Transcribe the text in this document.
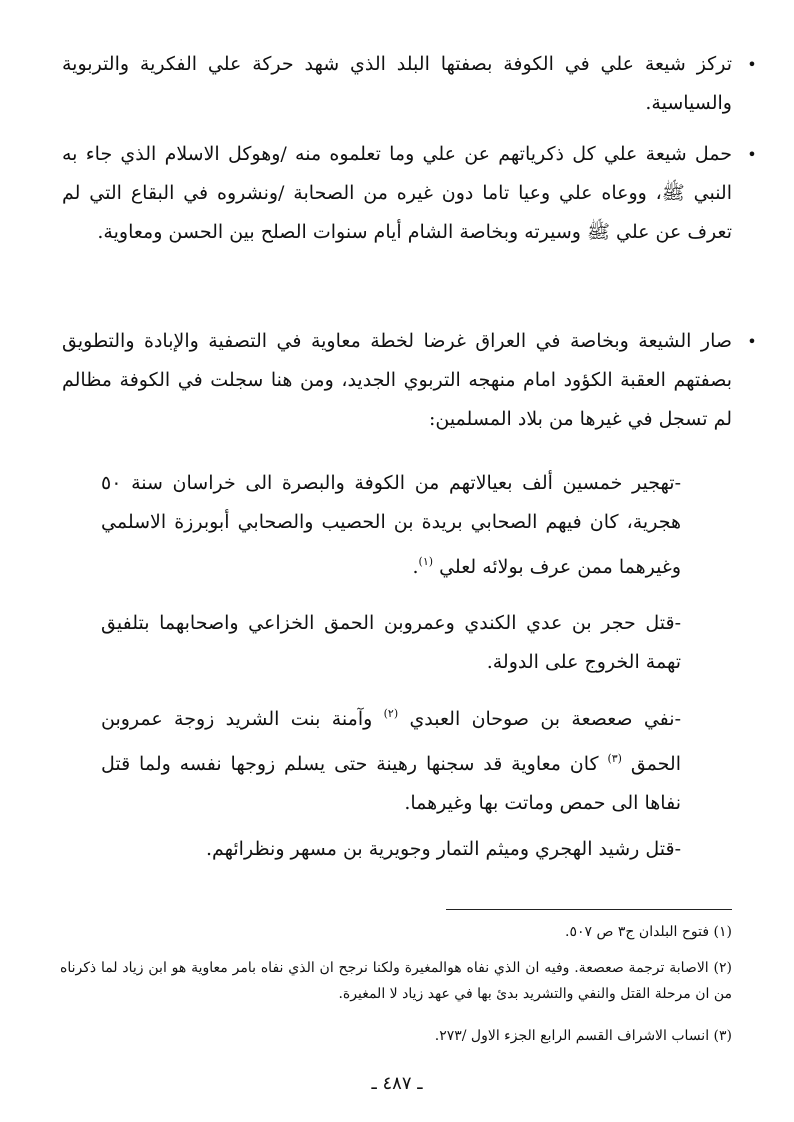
•
تركز شيعة علي في الكوفة بصفتها البلد الذي شهد حركة علي الفكرية والتربوية والسياسية.
•
حمل شيعة علي كل ذكرياتهم عن علي وما تعلموه منه /وهوكل الاسلام الذي جاء به النبي ﷺ، ووعاه علي وعيا تاما دون غيره من الصحابة /ونشروه في البقاع التي لم تعرف عن علي ﷺ وسيرته وبخاصة الشام أيام سنوات الصلح بين الحسن ومعاوية.
•
صار الشيعة وبخاصة في العراق غرضا لخطة معاوية في التصفية والإبادة والتطويق بصفتهم العقبة الكؤود امام منهجه التربوي الجديد، ومن هنا سجلت في الكوفة مظالم لم تسجل في غيرها من بلاد المسلمين:
-تهجير خمسين ألف بعيالاتهم من الكوفة والبصرة الى خراسان سنة ٥٠ هجرية، كان فيهم الصحابي بريدة بن الحصيب والصحابي أبوبرزة الاسلمي وغيرهما ممن عرف بولائه لعلي $^{(١)}$.
-قتل حجر بن عدي الكندي وعمروبن الحمق الخزاعي واصحابهما بتلفيق تهمة الخروج على الدولة.
-نفي صعصعة بن صوحان العبدي $^{(٢)}$ وآمنة بنت الشريد زوجة عمروبن الحمق $^{(٣)}$ كان معاوية قد سجنها رهينة حتى يسلم زوجها نفسه ولما قتل نفاها الى حمص وماتت بها وغيرهما.
-قتل رشيد الهجري وميثم التمار وجويرية بن مسهر ونظرائهم.
(١) فتوح البلدان ج٣ ص ٥٠٧.
(٢) الاصابة ترجمة صعصعة. وفيه ان الذي نفاه هوالمغيرة ولكنا نرجح ان الذي نفاه بامر معاوية هو ابن زياد لما ذكرناه من ان مرحلة القتل والنفي والتشريد بدئ بها في عهد زياد لا المغيرة.
(٣) انساب الاشراف القسم الرابع الجزء الاول /٢٧٣.
ـ ٤٨٧ ـ
